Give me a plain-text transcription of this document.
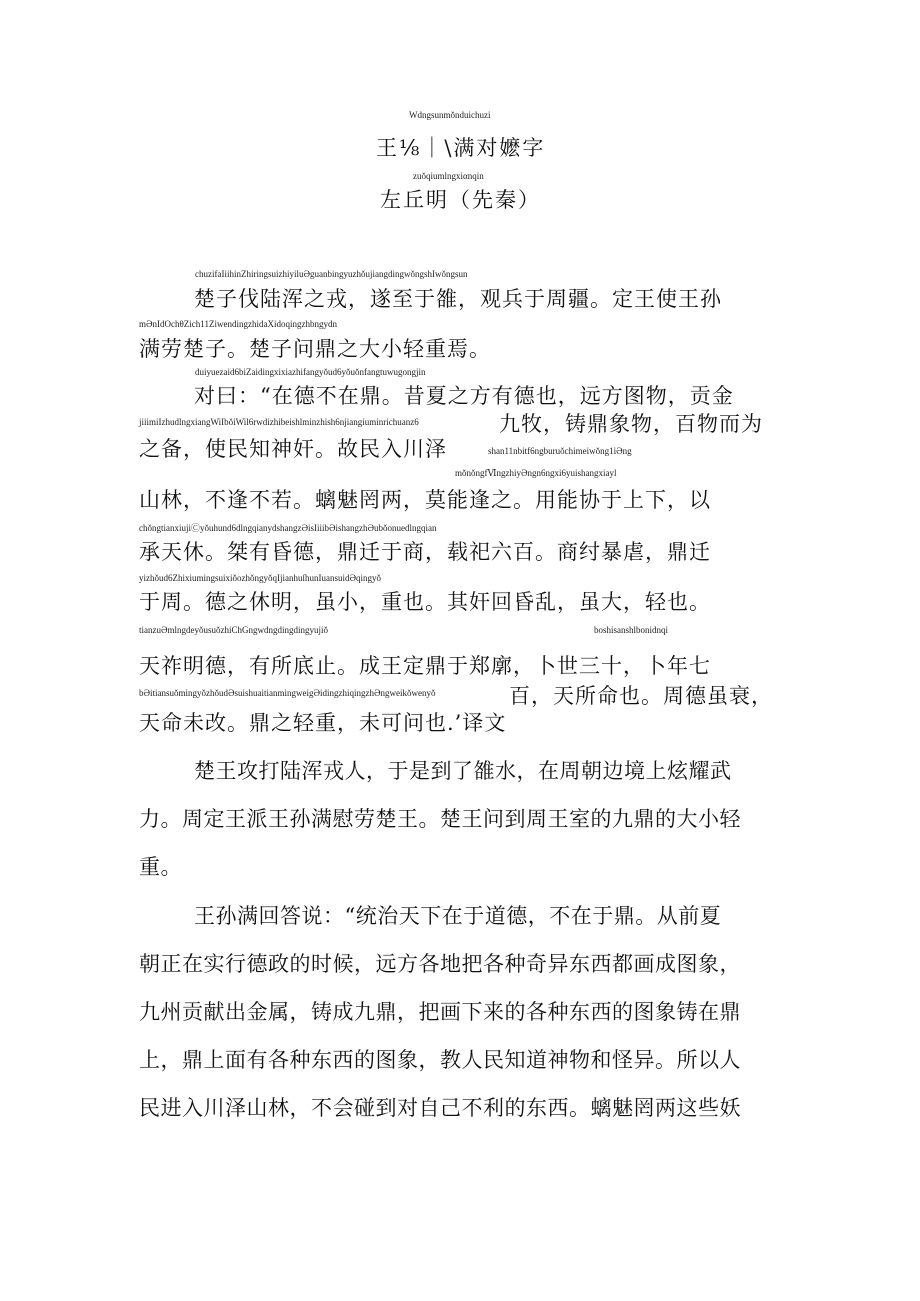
Wdngsunmǒnduichuzi
王⅛｜\满对嬷字
zuǒqiumlngxiαnqin
左丘明（先秦）
chuzifaIiihinZhiringsuizhiyiluƏguanbingyuzhǒujiangdingwǒngshIwǒngsun
楚子伐陆浑之戎，遂至于雒，观兵于周疆。定王使王孙
mƏnIdOchθZich11ZiwendingzhidaXidoqingzhbngydn
满劳楚子。楚子问鼎之大小轻重焉。
duiyuezaid6biZaidingxixiazhifangyǒud6yǒuǒnfangtuwugongjin
对曰：“在德不在鼎。昔夏之方有德也，远方图物，贡金
jiiimiIzhudlngxiangWiIbǒiWil6rwdizhibeishlminzhish6njiangiuminrichuanz6	九牧，铸鼎象物，百物而为
之备，使民知神奸。故民入川泽	shan11nbitf6ngburuǒchimeiwǒng1iƏng
mǒnǒngfⅥngzhiyƏngn6ngxi6yuishangxiayl
山林，不逢不若。螭魅罔两，莫能逢之。用能协于上下，以
chǒngtianxiujiⒸyǒuhund6dlngqianydshangzƏisIiiibƏishangzhƏubǒonuedlngqian
承天休。桀有昏德，鼎迁于商，载祀六百。商纣暴虐，鼎迁
yizhǒud6ZhixiumingsuixiǒozhǒngyǒqIjianhuſhunIuansuidƏqingyǒ
于周。德之休明，虽小，重也。其奸回昏乱，虽大，轻也。
tianzuƏmlngdeyǒusuǒzhiChGngwdngdingdingyujiǒ	boshisanshlbonidnqi
天祚明德，有所底止。成王定鼎于郑廓，卜世三十，卜年七
bƏitiansuǒmingyǒzhǒudƏsuishuaitianmingweigƏidingzhiqingzhƏngweikǒwenyǒ	百，天所命也。周德虽衰，
天命未改。鼎之轻重，未可问也.’译文
楚王攻打陆浑戎人，于是到了雒水，在周朝边境上炫耀武
力。周定王派王孙满慰劳楚王。楚王问到周王室的九鼎的大小轻
重。
王孙满回答说：“统治天下在于道德，不在于鼎。从前夏
朝正在实行德政的时候，远方各地把各种奇异东西都画成图象，
九州贡献出金属，铸成九鼎，把画下来的各种东西的图象铸在鼎
上，鼎上面有各种东西的图象，教人民知道神物和怪异。所以人
民进入川泽山林，不会碰到对自己不利的东西。螭魅罔两这些妖
